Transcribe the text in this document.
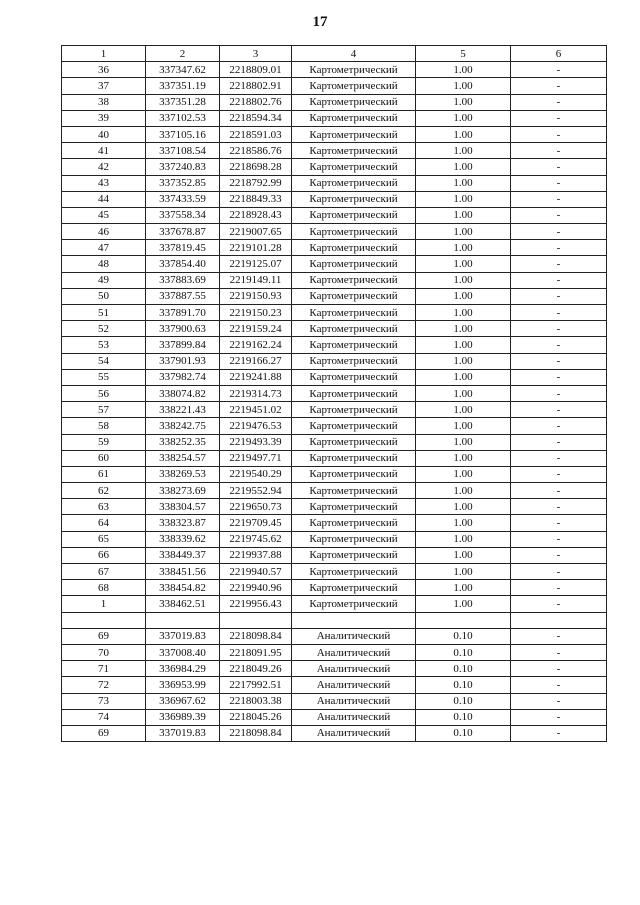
17
1	2	3	4	5	6
36	337347.62	2218809.01	Картометрический	1.00	-
37	337351.19	2218802.91	Картометрический	1.00	-
38	337351.28	2218802.76	Картометрический	1.00	-
39	337102.53	2218594.34	Картометрический	1.00	-
40	337105.16	2218591.03	Картометрический	1.00	-
41	337108.54	2218586.76	Картометрический	1.00	-
42	337240.83	2218698.28	Картометрический	1.00	-
43	337352.85	2218792.99	Картометрический	1.00	-
44	337433.59	2218849.33	Картометрический	1.00	-
45	337558.34	2218928.43	Картометрический	1.00	-
46	337678.87	2219007.65	Картометрический	1.00	-
47	337819.45	2219101.28	Картометрический	1.00	-
48	337854.40	2219125.07	Картометрический	1.00	-
49	337883.69	2219149.11	Картометрический	1.00	-
50	337887.55	2219150.93	Картометрический	1.00	-
51	337891.70	2219150.23	Картометрический	1.00	-
52	337900.63	2219159.24	Картометрический	1.00	-
53	337899.84	2219162.24	Картометрический	1.00	-
54	337901.93	2219166.27	Картометрический	1.00	-
55	337982.74	2219241.88	Картометрический	1.00	-
56	338074.82	2219314.73	Картометрический	1.00	-
57	338221.43	2219451.02	Картометрический	1.00	-
58	338242.75	2219476.53	Картометрический	1.00	-
59	338252.35	2219493.39	Картометрический	1.00	-
60	338254.57	2219497.71	Картометрический	1.00	-
61	338269.53	2219540.29	Картометрический	1.00	-
62	338273.69	2219552.94	Картометрический	1.00	-
63	338304.57	2219650.73	Картометрический	1.00	-
64	338323.87	2219709.45	Картометрический	1.00	-
65	338339.62	2219745.62	Картометрический	1.00	-
66	338449.37	2219937.88	Картометрический	1.00	-
67	338451.56	2219940.57	Картометрический	1.00	-
68	338454.82	2219940.96	Картометрический	1.00	-
1	338462.51	2219956.43	Картометрический	1.00	-

69	337019.83	2218098.84	Аналитический	0.10	-
70	337008.40	2218091.95	Аналитический	0.10	-
71	336984.29	2218049.26	Аналитический	0.10	-
72	336953.99	2217992.51	Аналитический	0.10	-
73	336967.62	2218003.38	Аналитический	0.10	-
74	336989.39	2218045.26	Аналитический	0.10	-
69	337019.83	2218098.84	Аналитический	0.10	-
